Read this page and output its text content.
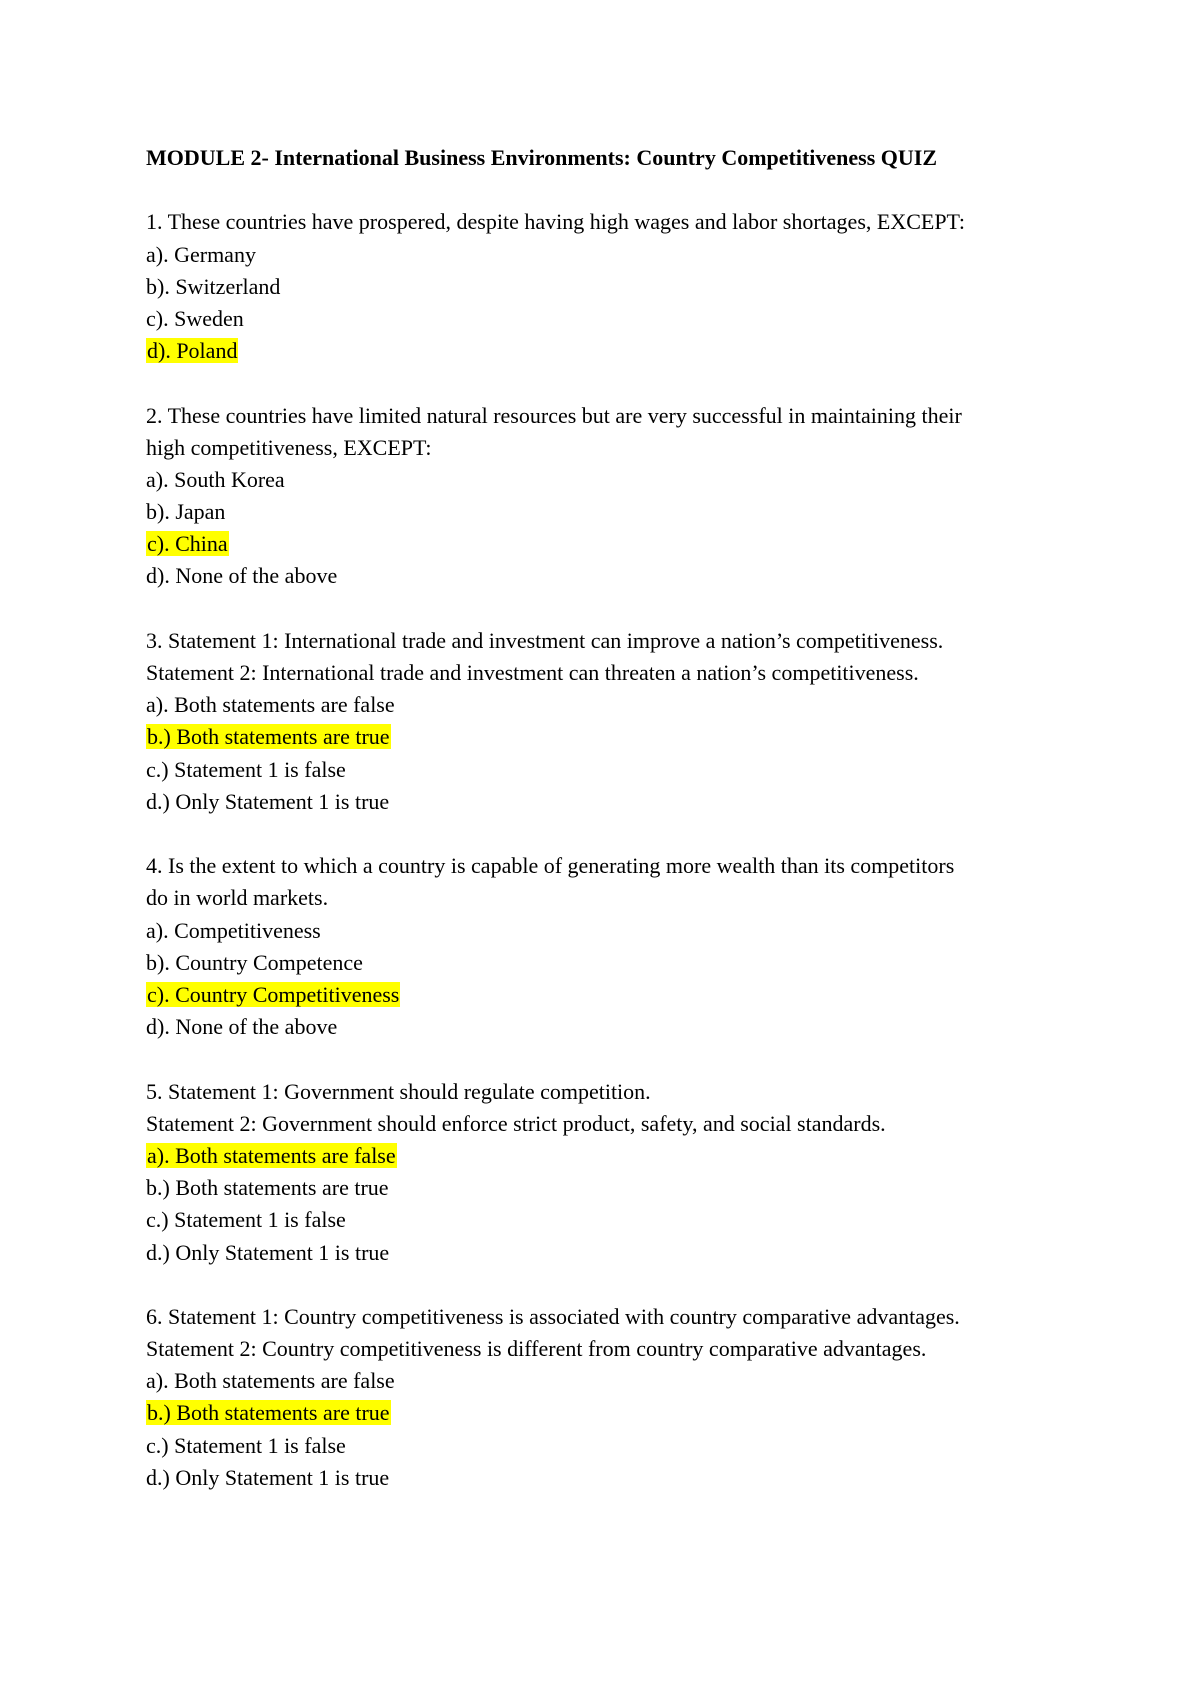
MODULE 2- International Business Environments: Country Competitiveness QUIZ

1. These countries have prospered, despite having high wages and labor shortages, EXCEPT:

a). Germany
b). Switzerland
c). Sweden
d). Poland

2. These countries have limited natural resources but are very successful in maintaining their

high competitiveness, EXCEPT:

a). South Korea
b). Japan
c). China
d). None of the above

3. Statement 1: International trade and investment can improve a nation’s competitiveness.

Statement 2: International trade and investment can threaten a nation’s competitiveness.

a). Both statements are false
b.) Both statements are true
c.) Statement 1 is false
d.) Only Statement 1 is true

4. Is the extent to which a country is capable of generating more wealth than its competitors

do in world markets.

a). Competitiveness
b). Country Competence
c). Country Competitiveness
d). None of the above

5. Statement 1: Government should regulate competition.

Statement 2: Government should enforce strict product, safety, and social standards.

a). Both statements are false
b.) Both statements are true
c.) Statement 1 is false
d.) Only Statement 1 is true

6. Statement 1: Country competitiveness is associated with country comparative advantages.

Statement 2: Country competitiveness is different from country comparative advantages.

a). Both statements are false
b.) Both statements are true
c.) Statement 1 is false
d.) Only Statement 1 is true
